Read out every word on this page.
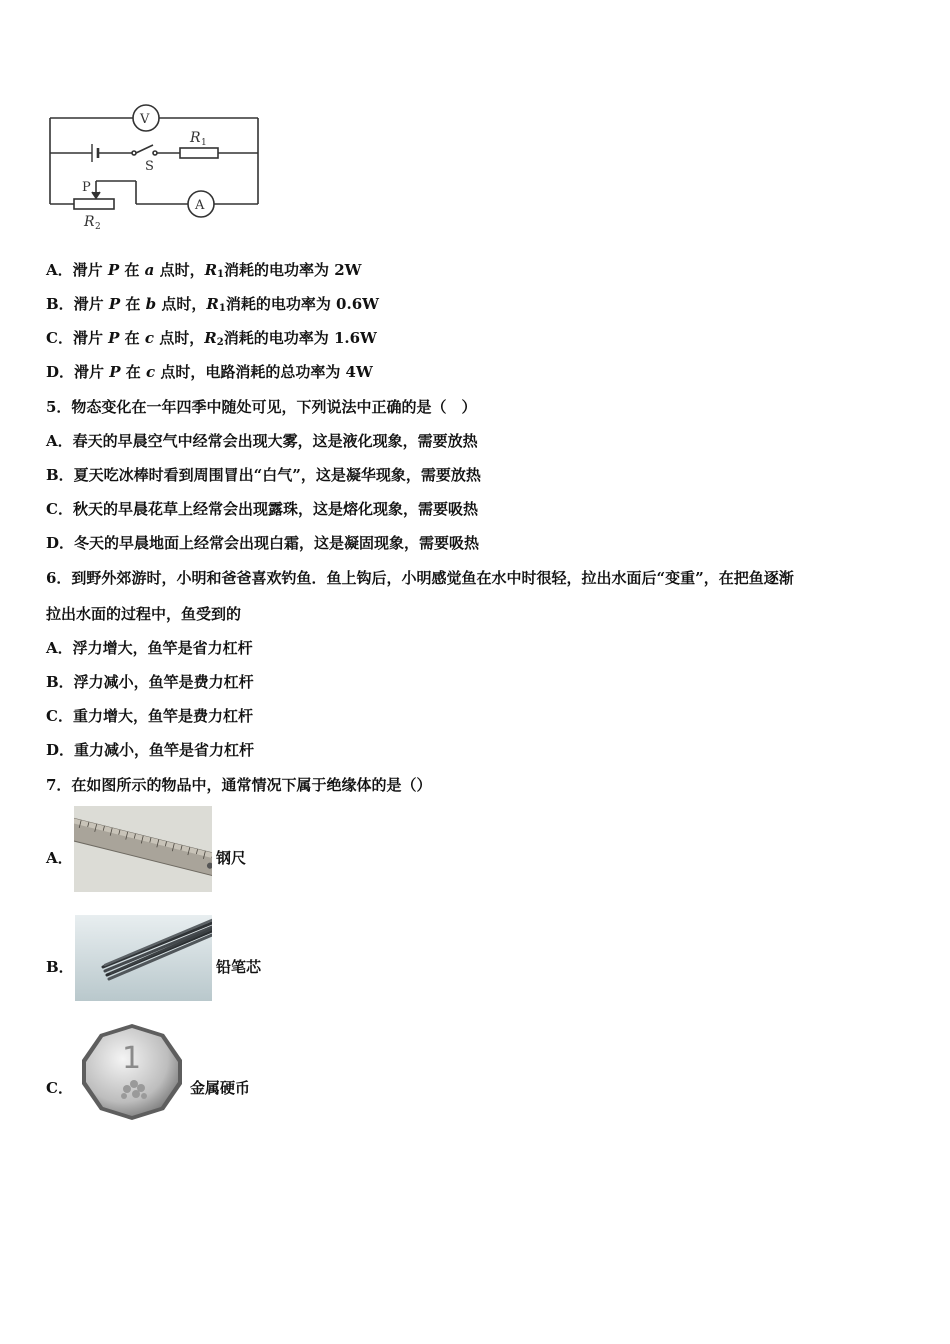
V
A
S
R 1
P
R 2
A．滑片 P 在 a 点时，$R_1$消耗的电功率为 2W
B．滑片 P 在 b 点时，$R_1$消耗的电功率为 0.6W
C．滑片 P 在 c 点时，$R_2$消耗的电功率为 1.6W
D．滑片 P 在 c 点时，电路消耗的总功率为 4W
5．物态变化在一年四季中随处可见，下列说法中正确的是（　）
A．春天的早晨空气中经常会出现大雾，这是液化现象，需要放热
B．夏天吃冰棒时看到周围冒出“白气”，这是凝华现象，需要放热
C．秋天的早晨花草上经常会出现露珠，这是熔化现象，需要吸热
D．冬天的早晨地面上经常会出现白霜，这是凝固现象，需要吸热
6．到野外郊游时，小明和爸爸喜欢钓鱼．鱼上钩后，小明感觉鱼在水中时很轻，拉出水面后“变重”，在把鱼逐渐
拉出水面的过程中，鱼受到的
A．浮力增大，鱼竿是省力杠杆
B．浮力减小，鱼竿是费力杠杆
C．重力增大，鱼竿是费力杠杆
D．重力减小，鱼竿是省力杠杆
7．在如图所示的物品中，通常情况下属于绝缘体的是（）
A．	钢尺
B．	铅笔芯
C．
1
金属硬币
